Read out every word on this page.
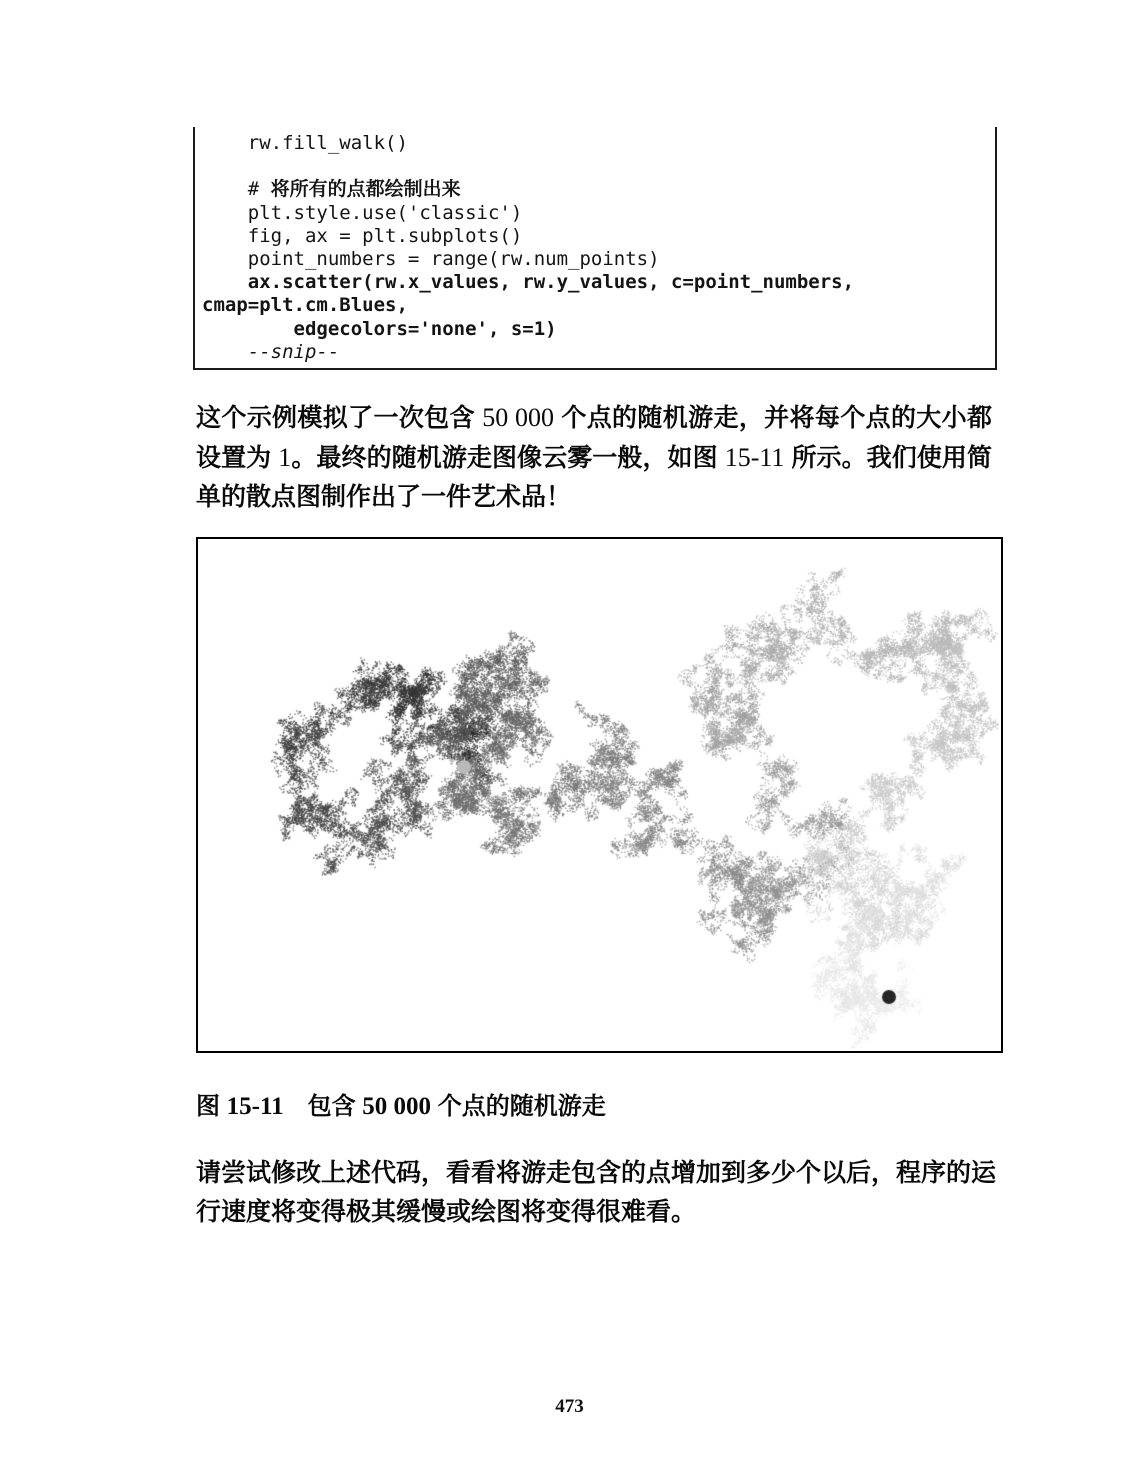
rw.fill_walk()

# 将所有的点都绘制出来
plt.style.use('classic')
fig, ax = plt.subplots()
point_numbers = range(rw.num_points)
ax.scatter(rw.x_values, rw.y_values, c=point_numbers,
cmap=plt.cm.Blues,
edgecolors='none', s=1)
--snip--
这个示例模拟了一次包含 50 000 个点的随机游走，并将每个点的大小都设置为 1。最终的随机游走图像云雾一般，如图 15-11 所示。我们使用简单的散点图制作出了一件艺术品！
图 15-11　包含 50 000 个点的随机游走
请尝试修改上述代码，看看将游走包含的点增加到多少个以后，程序的运行速度将变得极其缓慢或绘图将变得很难看。
473
